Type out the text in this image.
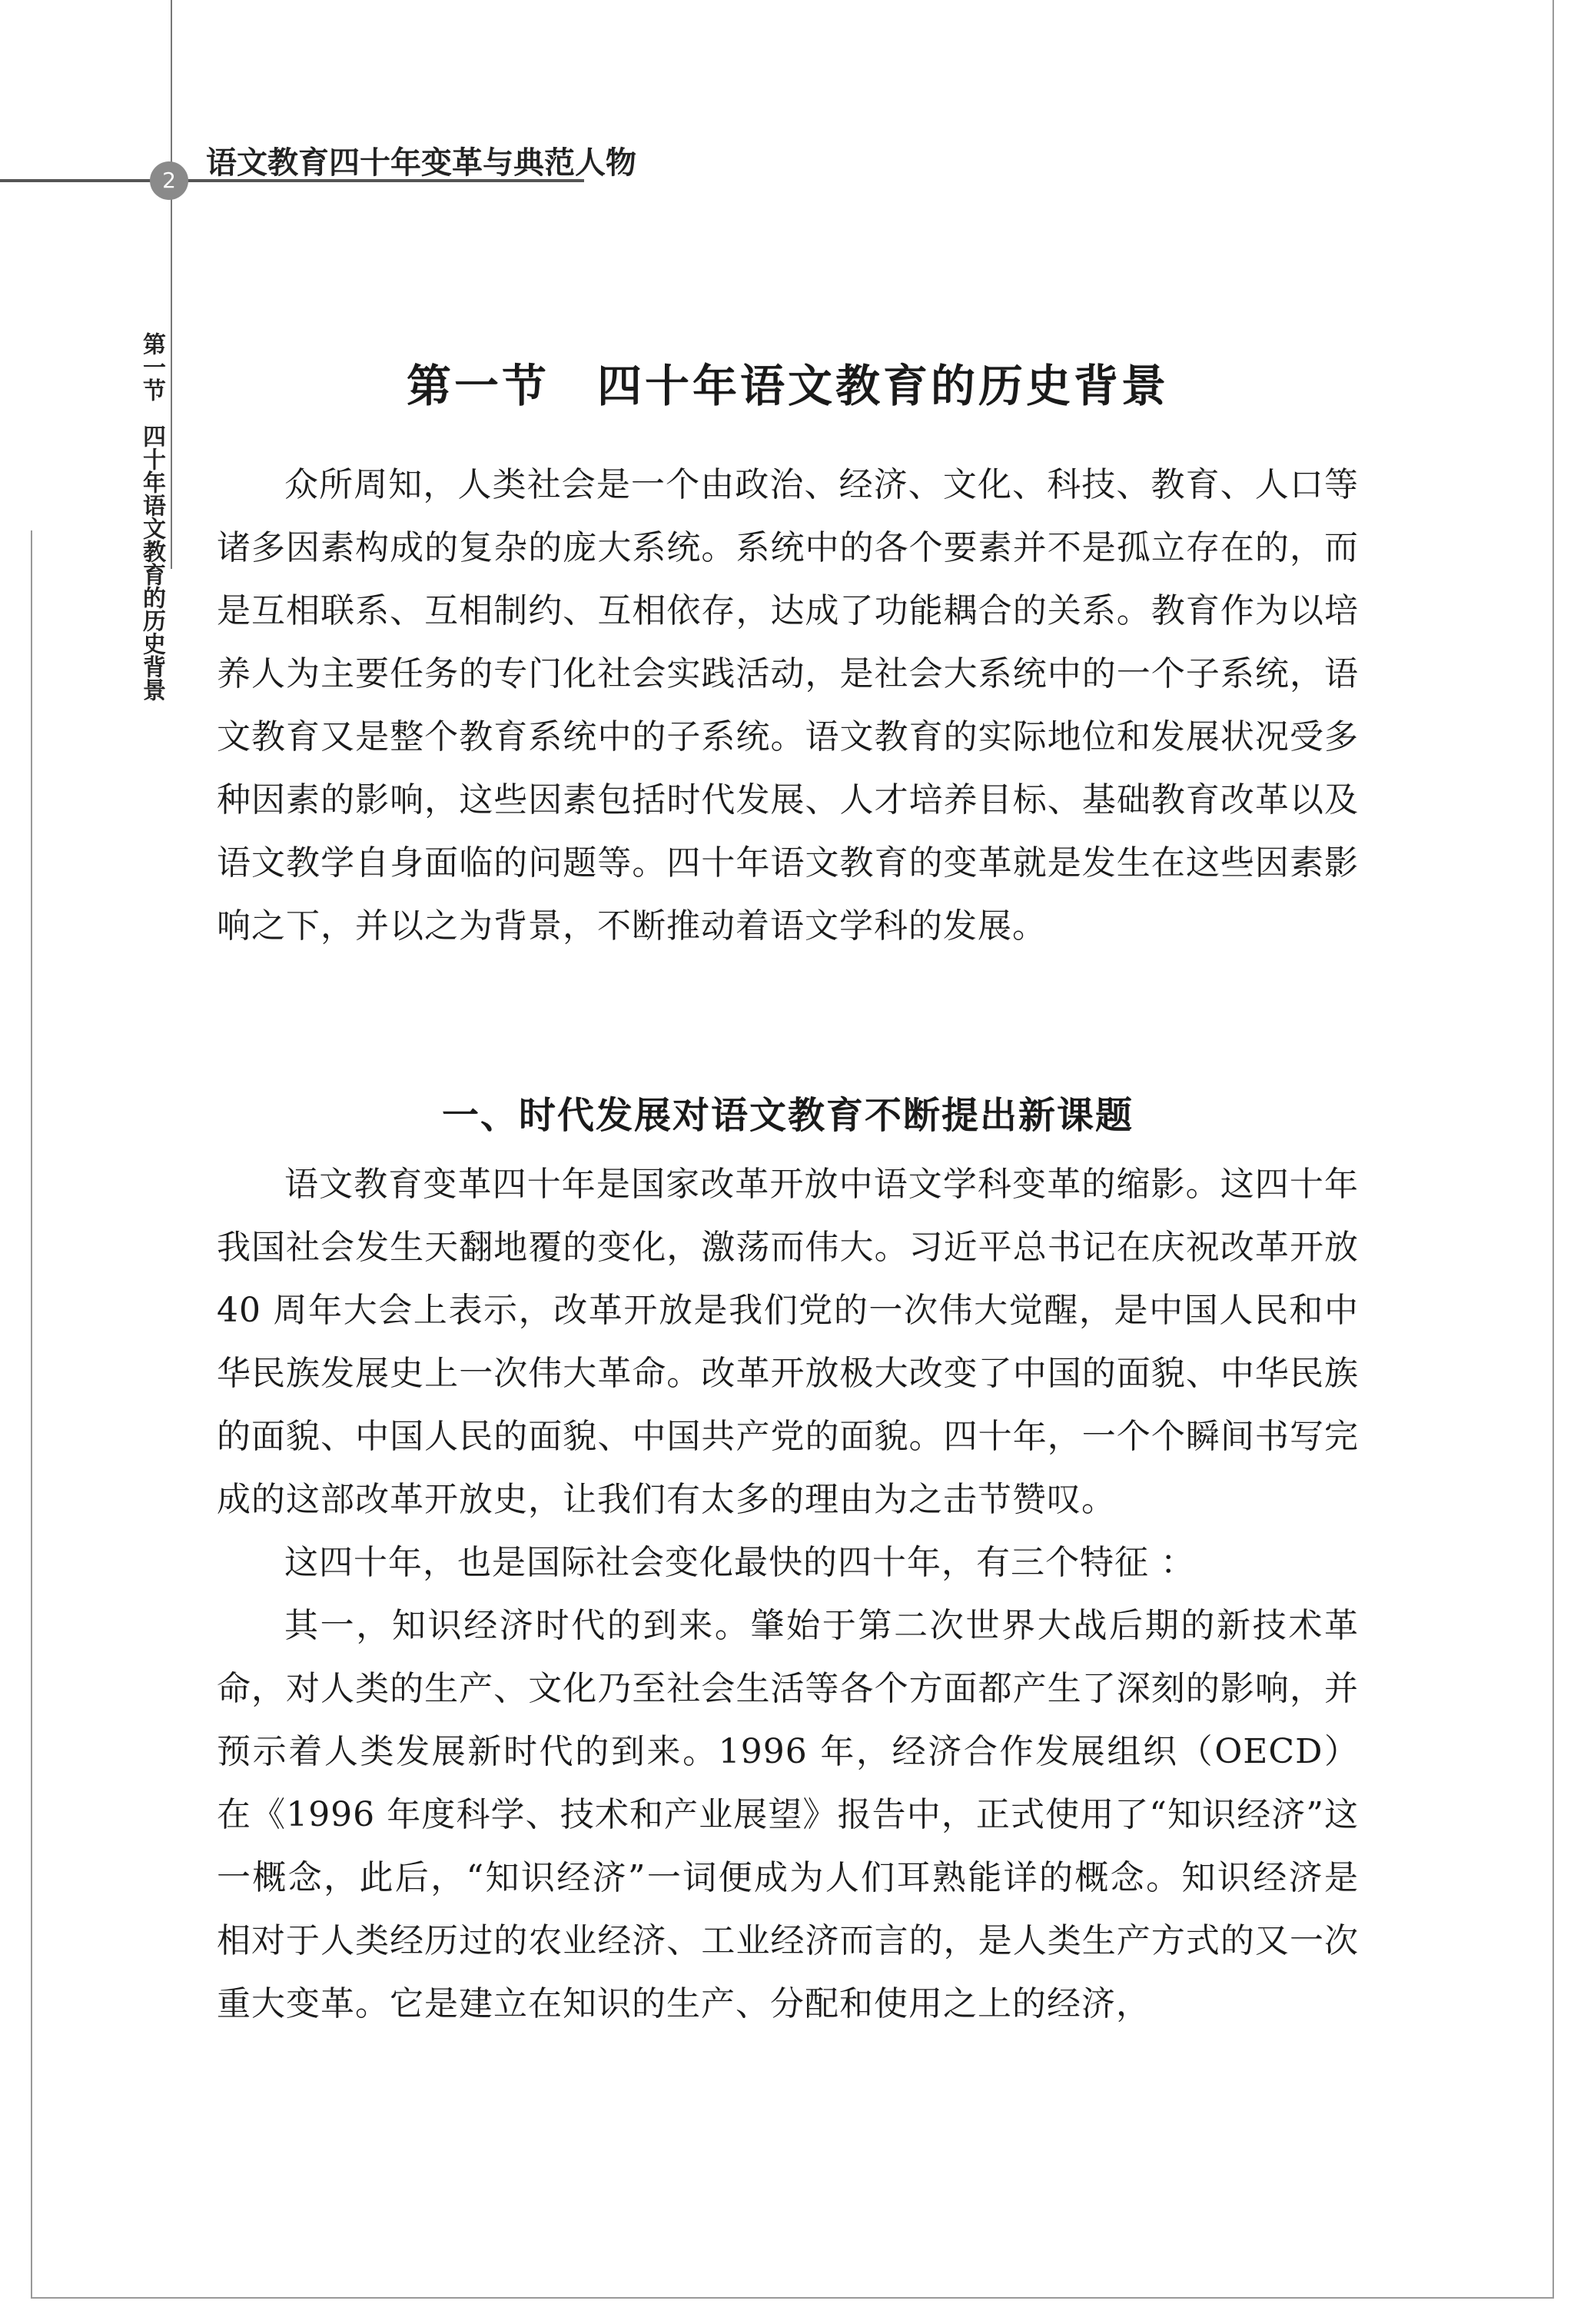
2 语文教育四十年变革与典范人物
第一节四十年语文教育的历史背景
第一节　四十年语文教育的历史背景

众所周知，人类社会是一个由政治、经济、文化、科技、教育、人口等诸多因素构成的复杂的庞大系统。系统中的各个要素并不是孤立存在的，而是互相联系、互相制约、互相依存，达成了功能耦合的关系。教育作为以培养人为主要任务的专门化社会实践活动，是社会大系统中的一个子系统，语文教育又是整个教育系统中的子系统。语文教育的实际地位和发展状况受多种因素的影响，这些因素包括时代发展、人才培养目标、基础教育改革以及语文教学自身面临的问题等。四十年语文教育的变革就是发生在这些因素影响之下，并以之为背景，不断推动着语文学科的发展。

一、时代发展对语文教育不断提出新课题

语文教育变革四十年是国家改革开放中语文学科变革的缩影。这四十年我国社会发生天翻地覆的变化，激荡而伟大。习近平总书记在庆祝改革开放 40 周年大会上表示，改革开放是我们党的一次伟大觉醒，是中国人民和中华民族发展史上一次伟大革命。改革开放极大改变了中国的面貌、中华民族的面貌、中国人民的面貌、中国共产党的面貌。四十年，一个个瞬间书写完成的这部改革开放史，让我们有太多的理由为之击节赞叹。

这四十年，也是国际社会变化最快的四十年，有三个特征 ：

其一，知识经济时代的到来。肇始于第二次世界大战后期的新技术革命，对人类的生产、文化乃至社会生活等各个方面都产生了深刻的影响，并预示着人类发展新时代的到来。1996 年，经济合作发展组织（OECD）在《1996 年度科学、技术和产业展望》报告中，正式使用了“知识经济”这一概念，此后，“知识经济”一词便成为人们耳熟能详的概念。知识经济是相对于人类经历过的农业经济、工业经济而言的，是人类生产方式的又一次重大变革。它是建立在知识的生产、分配和使用之上的经济，
